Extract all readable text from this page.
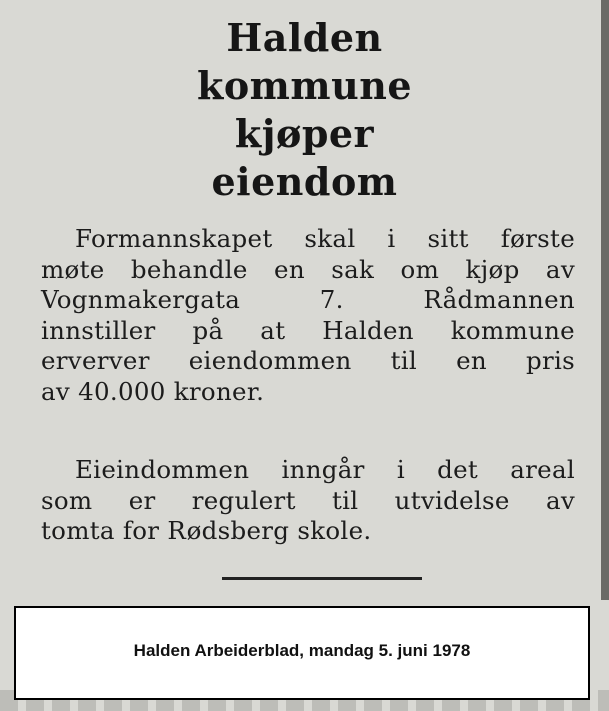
Halden
kommune
kjøper
eiendom
Formannskapet skal i sitt første
møte behandle en sak om kjøp av
Vognmakergata 7. Rådmannen
innstiller på at Halden kommune
erverver eiendommen til en pris
av 40.000 kroner.
Eieindommen inngår i det areal
som er regulert til utvidelse av
tomta for Rødsberg skole.
Halden Arbeiderblad, mandag 5. juni 1978
